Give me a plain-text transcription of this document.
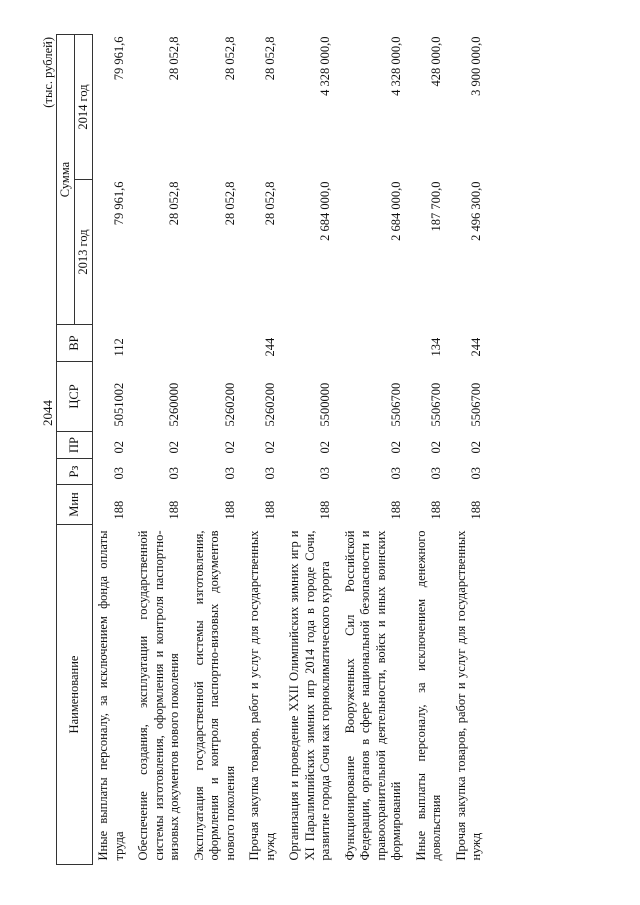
2044
(тыс. рублей)
Наименование	Мин	Рз	ПР	ЦСР	ВР	Сумма	
						2013 год	2014 год
Иные выплаты персоналу, за исключением фонда оплаты труда	188	03	02	5051002	112	79 961,6	79 961,6
Обеспечение создания, эксплуатации государственной системы изготовления, оформления и контроля паспортно-визовых документов нового поколения	188	03	02	5260000		28 052,8	28 052,8
Эксплуатация государственной системы изготовления, оформления и контроля паспортно-визовых документов нового поколения	188	03	02	5260200		28 052,8	28 052,8
Прочая закупка товаров, работ и услуг для государственных нужд	188	03	02	5260200	244	28 052,8	28 052,8
Организация и проведение XXII Олимпийских зимних игр и XI Паралимпийских зимних игр 2014 года в городе Сочи, развитие города Сочи как горноклиматического курорта	188	03	02	5500000		2 684 000,0	4 328 000,0
Функционирование Вооруженных Сил Российской Федерации, органов в сфере национальной безопасности и правоохранительной деятельности, войск и иных воинских формирований	188	03	02	5506700		2 684 000,0	4 328 000,0
Иные выплаты персоналу, за исключением денежного довольствия	188	03	02	5506700	134	187 700,0	428 000,0
Прочая закупка товаров, работ и услуг для государственных нужд	188	03	02	5506700	244	2 496 300,0	3 900 000,0
